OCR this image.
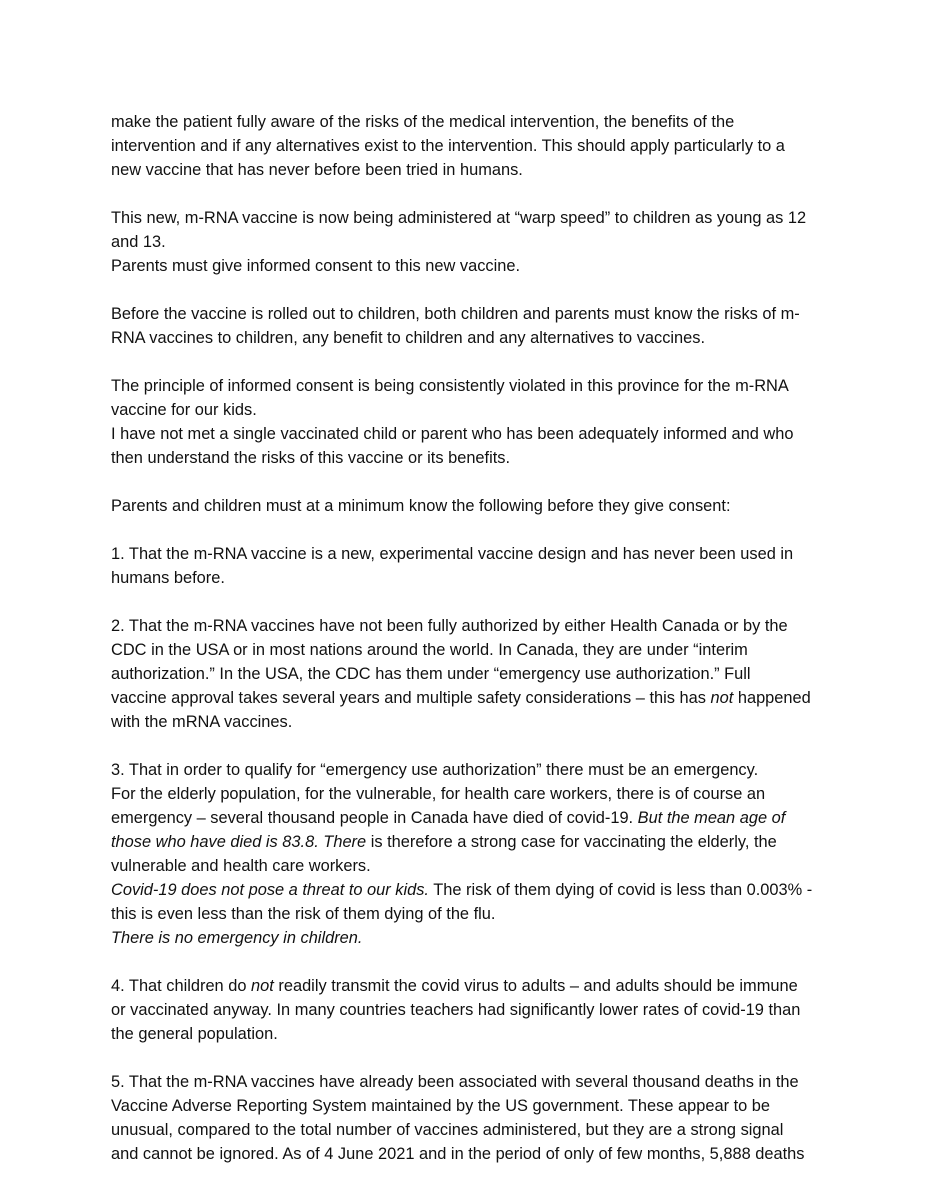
make the patient fully aware of the risks of the medical intervention, the benefits of the
intervention and if any alternatives exist to the intervention. This should apply particularly to a
new vaccine that has never before been tried in humans.

This new, m-RNA vaccine is now being administered at “warp speed” to children as young as 12
and 13.
Parents must give informed consent to this new vaccine.

Before the vaccine is rolled out to children, both children and parents must know the risks of m-
RNA vaccines to children, any benefit to children and any alternatives to vaccines.

The principle of informed consent is being consistently violated in this province for the m-RNA
vaccine for our kids.
I have not met a single vaccinated child or parent who has been adequately informed and who
then understand the risks of this vaccine or its benefits.

Parents and children must at a minimum know the following before they give consent:

1. That the m-RNA vaccine is a new, experimental vaccine design and has never been used in
humans before.

2. That the m-RNA vaccines have not been fully authorized by either Health Canada or by the
CDC in the USA or in most nations around the world. In Canada, they are under “interim
authorization.” In the USA, the CDC has them under “emergency use authorization.” Full
vaccine approval takes several years and multiple safety considerations – this has not happened
with the mRNA vaccines.

3. That in order to qualify for “emergency use authorization” there must be an emergency.
For the elderly population, for the vulnerable, for health care workers, there is of course an
emergency – several thousand people in Canada have died of covid-19. But the mean age of
those who have died is 83.8. There is therefore a strong case for vaccinating the elderly, the
vulnerable and health care workers.
Covid-19 does not pose a threat to our kids. The risk of them dying of covid is less than 0.003% -
this is even less than the risk of them dying of the flu.
There is no emergency in children.

4. That children do not readily transmit the covid virus to adults – and adults should be immune
or vaccinated anyway. In many countries teachers had significantly lower rates of covid-19 than
the general population.

5. That the m-RNA vaccines have already been associated with several thousand deaths in the
Vaccine Adverse Reporting System maintained by the US government. These appear to be
unusual, compared to the total number of vaccines administered, but they are a strong signal
and cannot be ignored. As of 4 June 2021 and in the period of only of few months, 5,888 deaths
